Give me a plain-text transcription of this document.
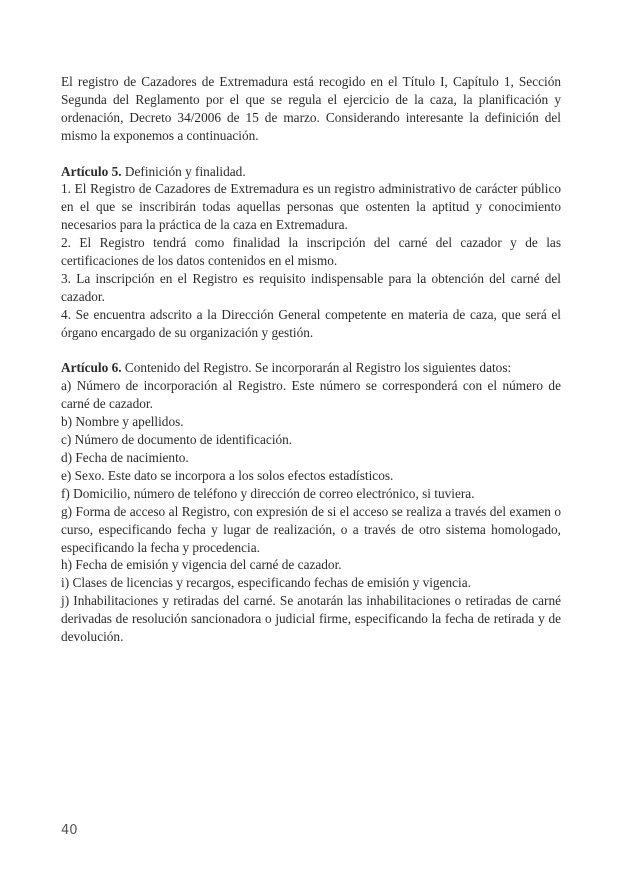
El registro de Cazadores de Extremadura está recogido en el Título I, Capítulo 1, Sección Segunda del Reglamento por el que se regula el ejercicio de la caza, la planificación y ordenación, Decreto 34/2006 de 15 de marzo. Considerando interesante la definición del mismo la exponemos a continuación.

Artículo 5. Definición y finalidad.

1. El Registro de Cazadores de Extremadura es un registro administrativo de carácter público en el que se inscribirán todas aquellas personas que ostenten la aptitud y conocimiento necesarios para la práctica de la caza en Extremadura.

2. El Registro tendrá como finalidad la inscripción del carné del cazador y de las certificaciones de los datos contenidos en el mismo.

3. La inscripción en el Registro es requisito indispensable para la obtención del carné del cazador.

4. Se encuentra adscrito a la Dirección General competente en materia de caza, que será el órgano encargado de su organización y gestión.

Artículo 6. Contenido del Registro. Se incorporarán al Registro los siguientes datos:

a) Número de incorporación al Registro. Este número se corresponderá con el número de carné de cazador.

b) Nombre y apellidos.

c) Número de documento de identificación.

d) Fecha de nacimiento.

e) Sexo. Este dato se incorpora a los solos efectos estadísticos.

f) Domicilio, número de teléfono y dirección de correo electrónico, si tuviera.

g) Forma de acceso al Registro, con expresión de si el acceso se realiza a través del examen o curso, especificando fecha y lugar de realización, o a través de otro sistema homologado, especificando la fecha y procedencia.

h) Fecha de emisión y vigencia del carné de cazador.

i) Clases de licencias y recargos, especificando fechas de emisión y vigencia.

j) Inhabilitaciones y retiradas del carné. Se anotarán las inhabilitaciones o retiradas de carné derivadas de resolución sancionadora o judicial firme, especificando la fecha de retirada y de devolución.

40
